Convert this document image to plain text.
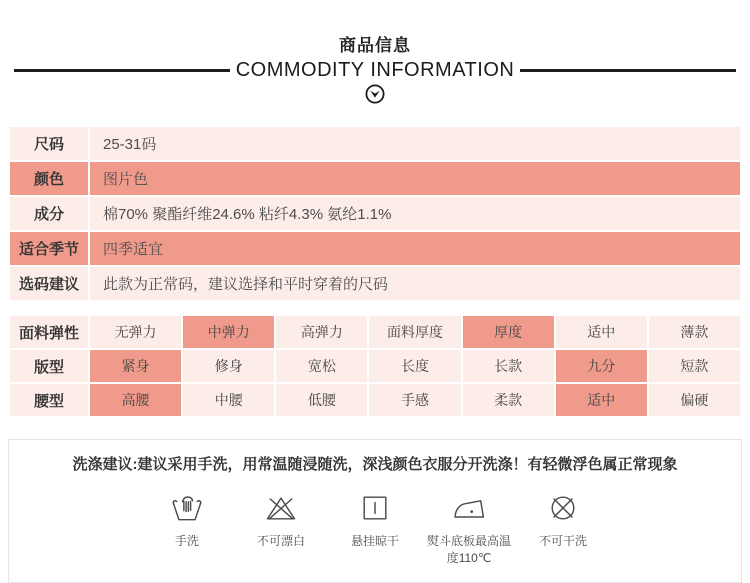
商品信息
COMMODITY INFORMATION
尺码	25-31码
颜色	图片色
成分	棉70% 聚酯纤维24.6% 粘纤4.3% 氨纶1.1%
适合季节	四季适宜
选码建议	此款为正常码，建议选择和平时穿着的尺码
面料弹性	无弹力	中弹力	高弹力	面料厚度	厚度	适中	薄款
版型	紧身	修身	宽松	长度	长款	九分	短款
腰型	高腰	中腰	低腰	手感	柔款	适中	偏硬

洗涤建议:建议采用手洗，用常温随浸随洗，深浅颜色衣服分开洗涤！有轻微浮色属正常现象

手洗	不可漂白	悬挂晾干	熨斗底板最高温度110℃
不可干洗
